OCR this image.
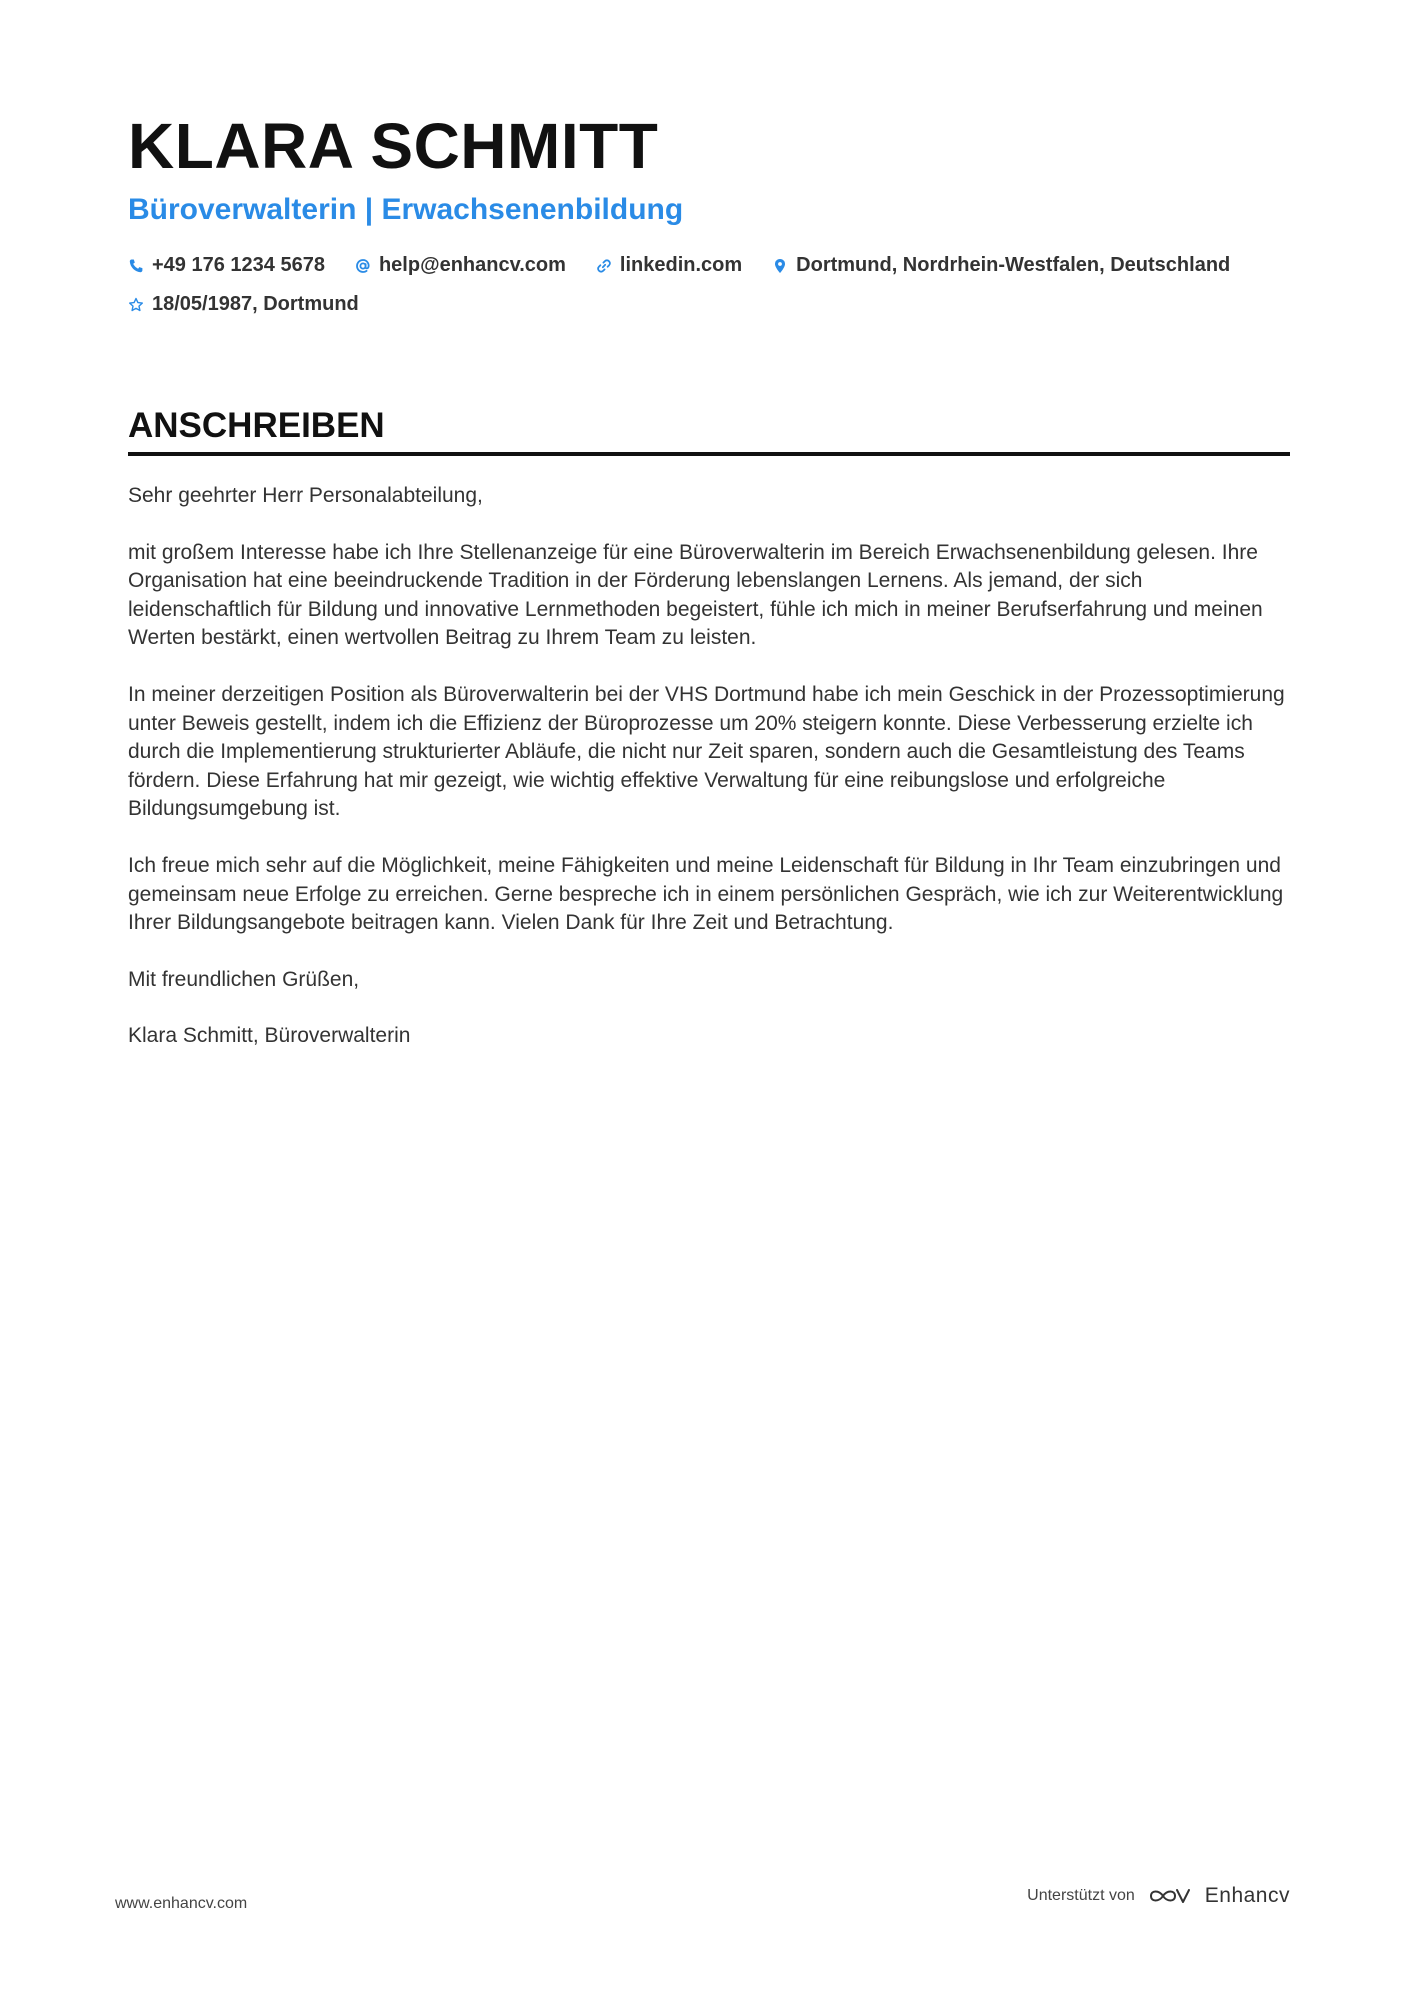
KLARA SCHMITT
Büroverwalterin | Erwachsenenbildung
+49 176 1234 5678	help@enhancv.com	linkedin.com	Dortmund, Nordrhein-Westfalen, Deutschland
18/05/1987, Dortmund
ANSCHREIBEN

Sehr geehrter Herr Personalabteilung,

mit großem Interesse habe ich Ihre Stellenanzeige für eine Büroverwalterin im Bereich Erwachsenenbildung gelesen. Ihre Organisation hat eine beeindruckende Tradition in der Förderung lebenslangen Lernens. Als jemand, der sich leidenschaftlich für Bildung und innovative Lernmethoden begeistert, fühle ich mich in meiner Berufserfahrung und meinen Werten bestärkt, einen wertvollen Beitrag zu Ihrem Team zu leisten.

In meiner derzeitigen Position als Büroverwalterin bei der VHS Dortmund habe ich mein Geschick in der Prozessoptimierung unter Beweis gestellt, indem ich die Effizienz der Büroprozesse um 20% steigern konnte. Diese Verbesserung erzielte ich durch die Implementierung strukturierter Abläufe, die nicht nur Zeit sparen, sondern auch die Gesamtleistung des Teams fördern. Diese Erfahrung hat mir gezeigt, wie wichtig effektive Verwaltung für eine reibungslose und erfolgreiche Bildungsumgebung ist.

Ich freue mich sehr auf die Möglichkeit, meine Fähigkeiten und meine Leidenschaft für Bildung in Ihr Team einzubringen und gemeinsam neue Erfolge zu erreichen. Gerne bespreche ich in einem persönlichen Gespräch, wie ich zur Weiterentwicklung Ihrer Bildungsangebote beitragen kann. Vielen Dank für Ihre Zeit und Betrachtung.

Mit freundlichen Grüßen,

Klara Schmitt, Büroverwalterin

www.enhancv.com	Unterstützt von	Enhancv
